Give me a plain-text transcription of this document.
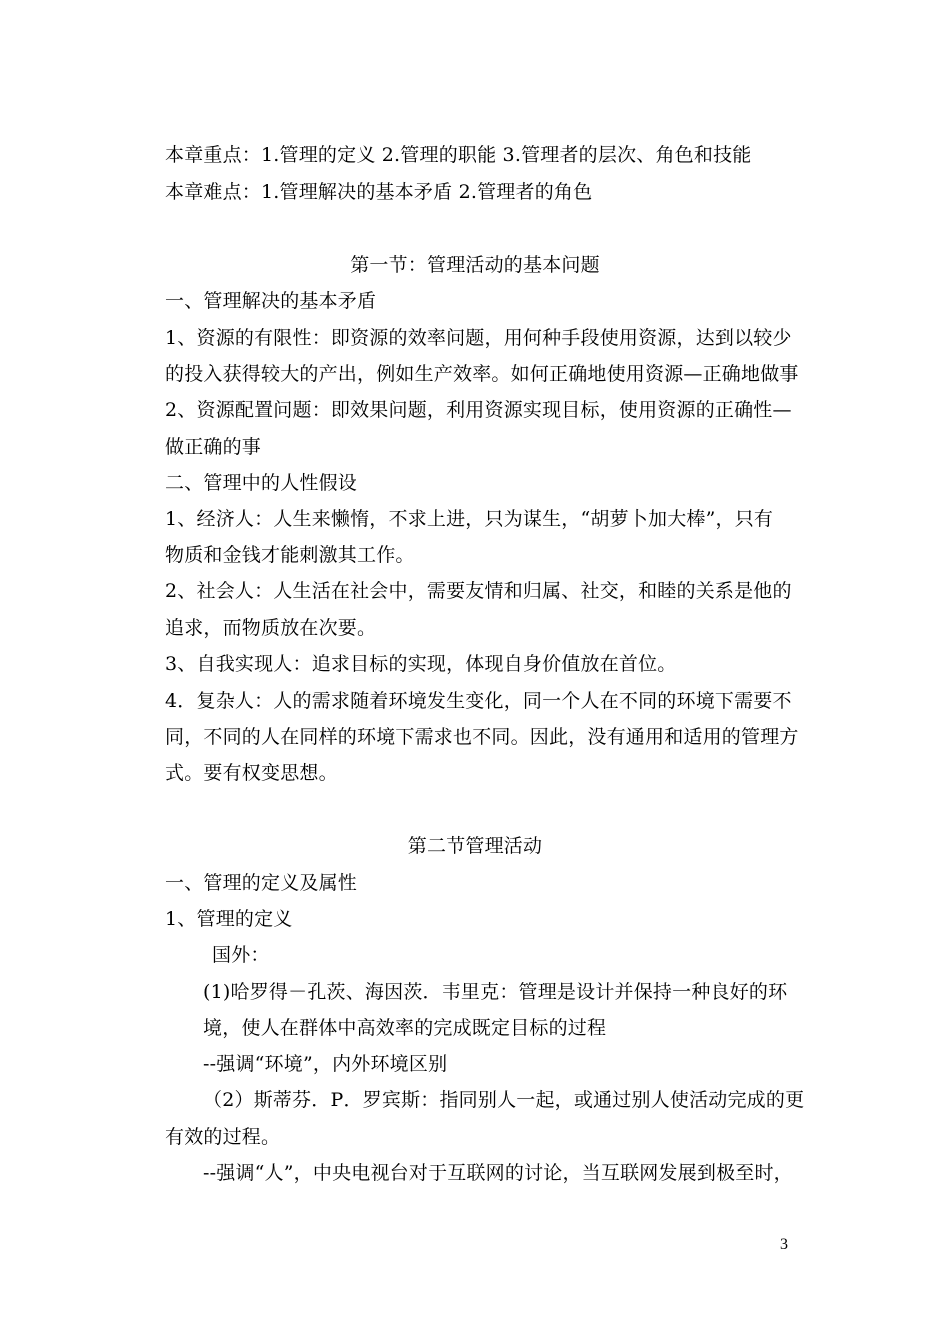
本章重点：1.管理的定义 2.管理的职能 3.管理者的层次、角色和技能
本章难点：1.管理解决的基本矛盾 2.管理者的角色
第一节：管理活动的基本问题
一、管理解决的基本矛盾
1、资源的有限性：即资源的效率问题，用何种手段使用资源，达到以较少
的投入获得较大的产出，例如生产效率。如何正确地使用资源—正确地做事
2、资源配置问题：即效果问题，利用资源实现目标，使用资源的正确性—
做正确的事
二、管理中的人性假设
1、经济人：人生来懒惰，不求上进，只为谋生，“胡萝卜加大棒”，只有
物质和金钱才能刺激其工作。
2、社会人：人生活在社会中，需要友情和归属、社交，和睦的关系是他的
追求，而物质放在次要。
3、自我实现人：追求目标的实现，体现自身价值放在首位。
4．复杂人：人的需求随着环境发生变化，同一个人在不同的环境下需要不
同，不同的人在同样的环境下需求也不同。因此，没有通用和适用的管理方
式。要有权变思想。
第二节管理活动
一、管理的定义及属性
1、管理的定义
国外：
(1)哈罗得－孔茨、海因茨．韦里克：管理是设计并保持一种良好的环
境，使人在群体中高效率的完成既定目标的过程
--强调“环境”，内外环境区别
（2）斯蒂芬．P．罗宾斯：指同别人一起，或通过别人使活动完成的更
有效的过程。
--强调“人”，中央电视台对于互联网的讨论，当互联网发展到极至时，
3
